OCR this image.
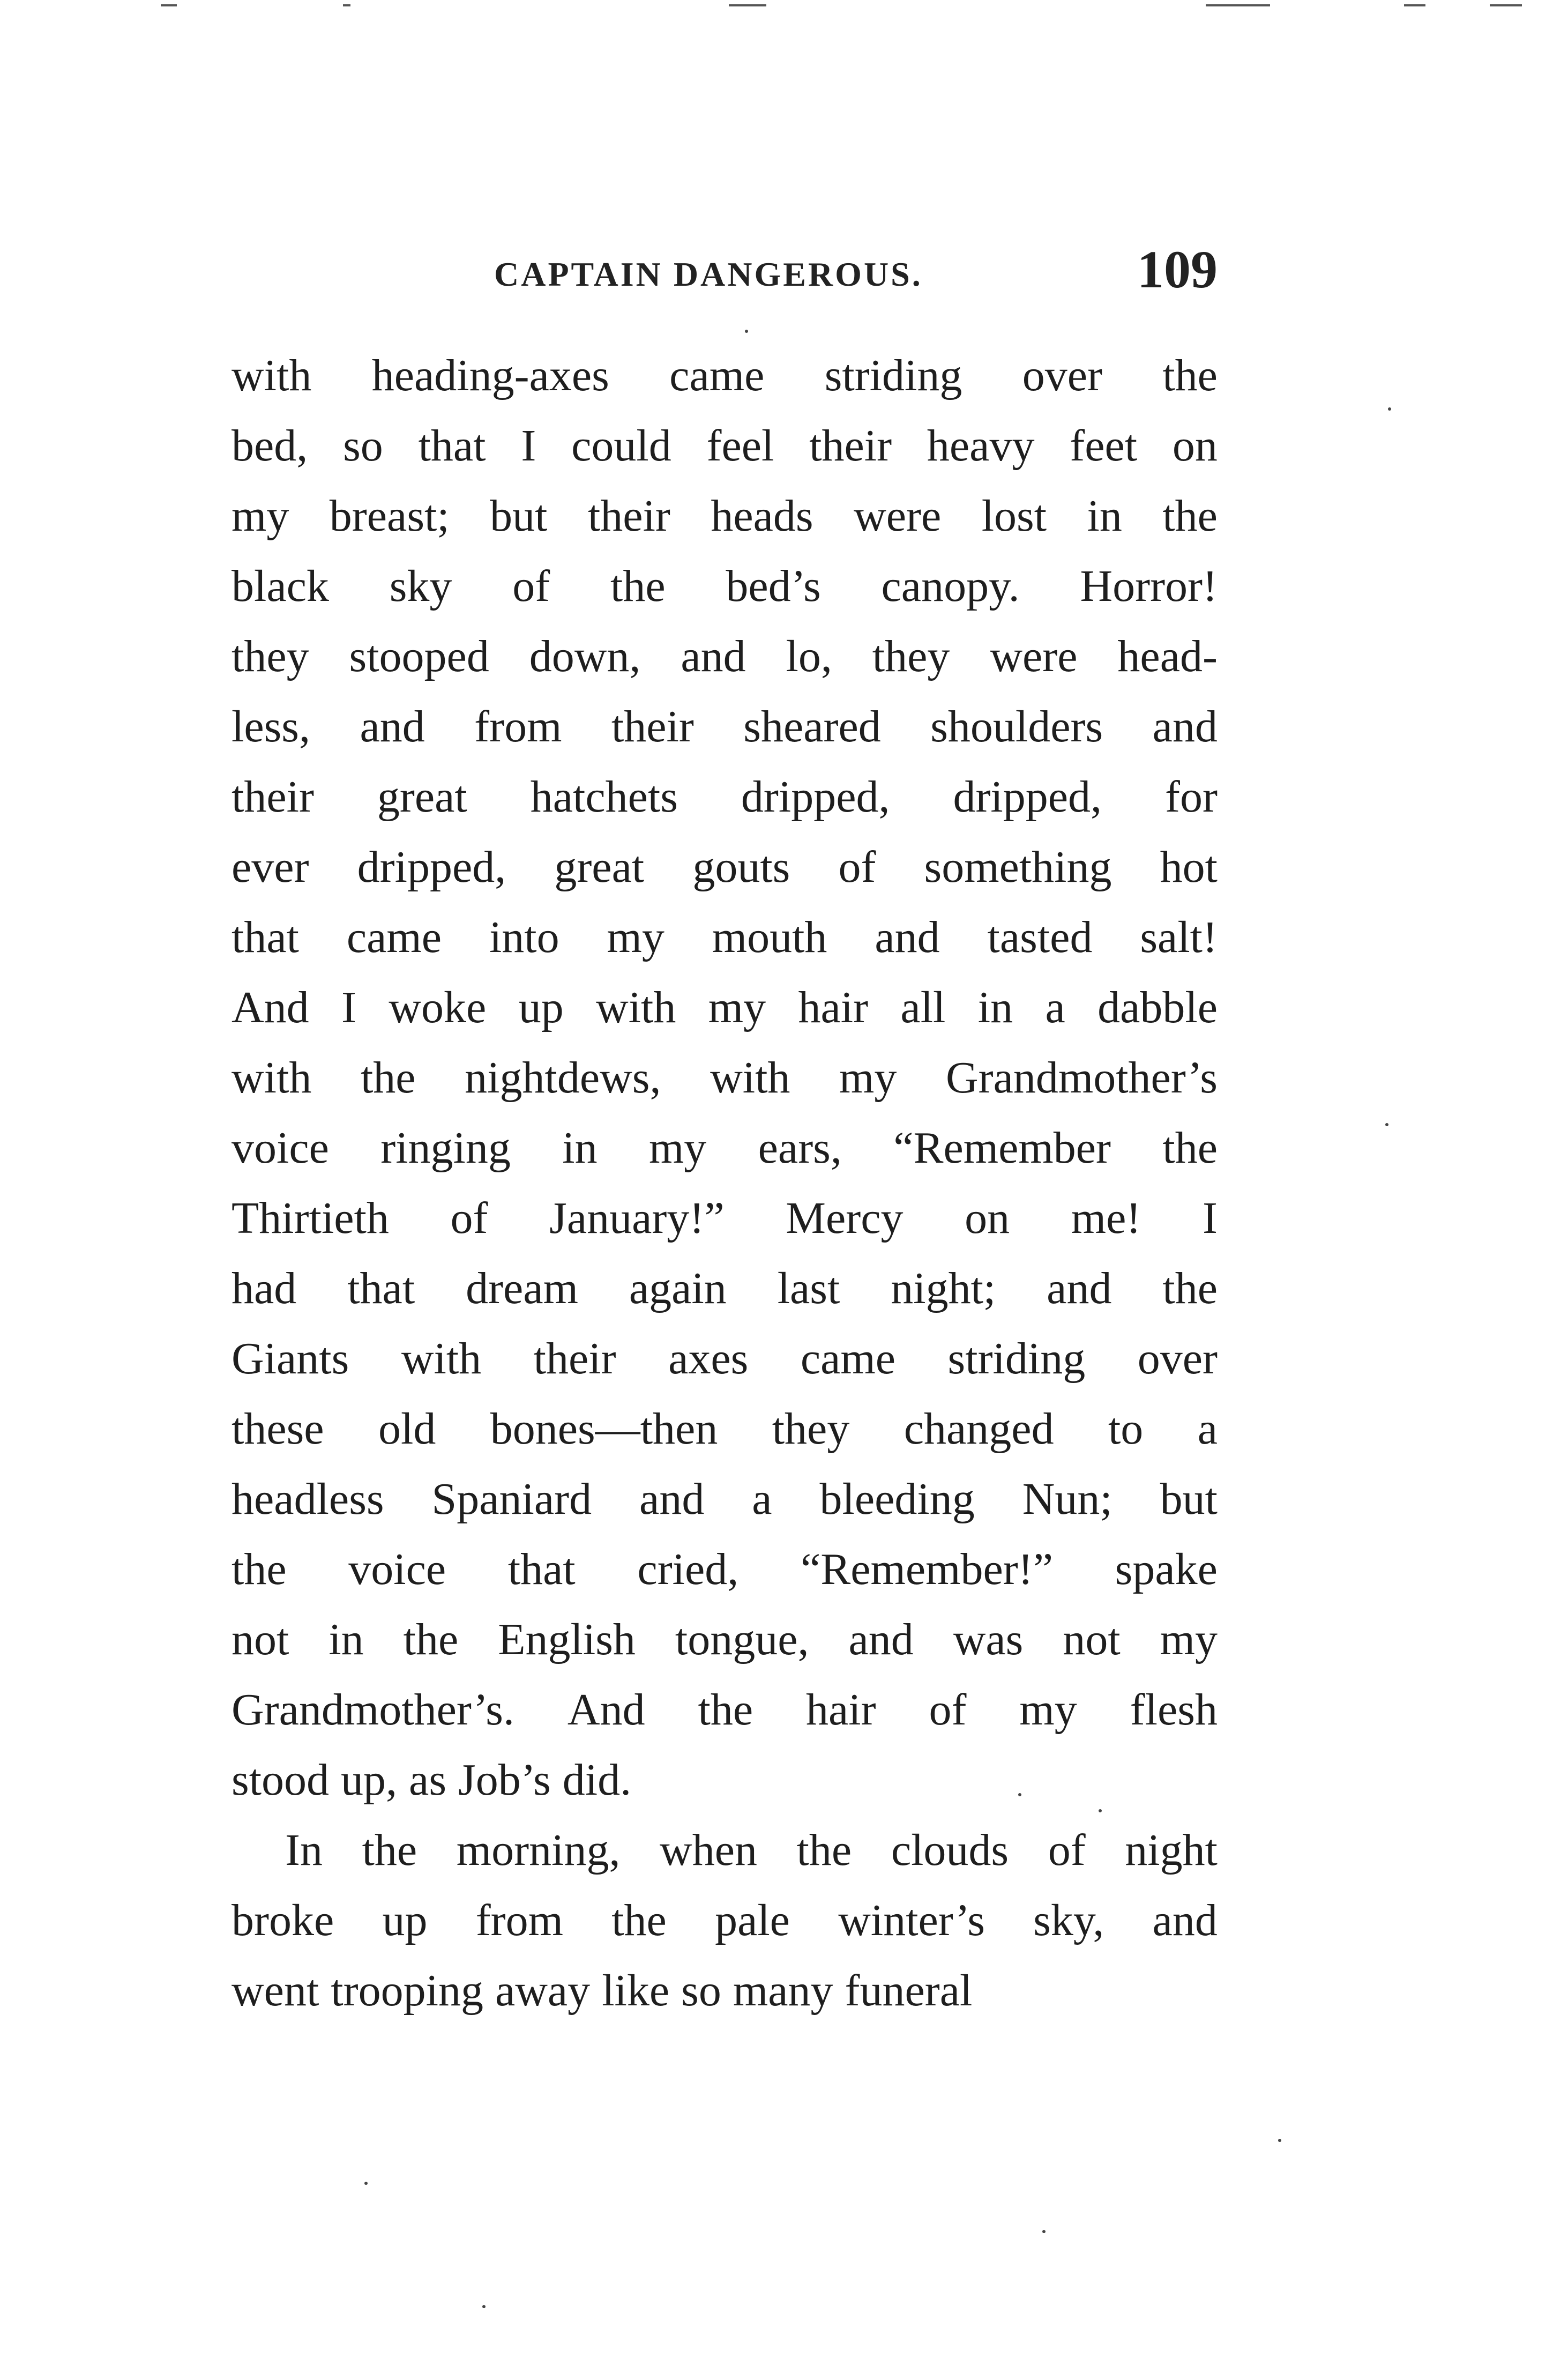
CAPTAIN DANGEROUS.	109
with heading-axes came striding over the
bed, so that I could feel their heavy feet on
my breast; but their heads were lost in the
black sky of the bed’s canopy. Horror!
they stooped down, and lo, they were head-
less, and from their sheared shoulders and
their great hatchets dripped, dripped, for
ever dripped, great gouts of something hot
that came into my mouth and tasted salt!
And I woke up with my hair all in a dabble
with the nightdews, with my Grandmother’s
voice ringing in my ears, “Remember the
Thirtieth of January!” Mercy on me! I
had that dream again last night; and the
Giants with their axes came striding over
these old bones—then they changed to a
headless Spaniard and a bleeding Nun; but
the voice that cried, “Remember!” spake
not in the English tongue, and was not my
Grandmother’s. And the hair of my flesh
stood up, as Job’s did.
In the morning, when the clouds of night
broke up from the pale winter’s sky, and
went trooping away like so many funeral
